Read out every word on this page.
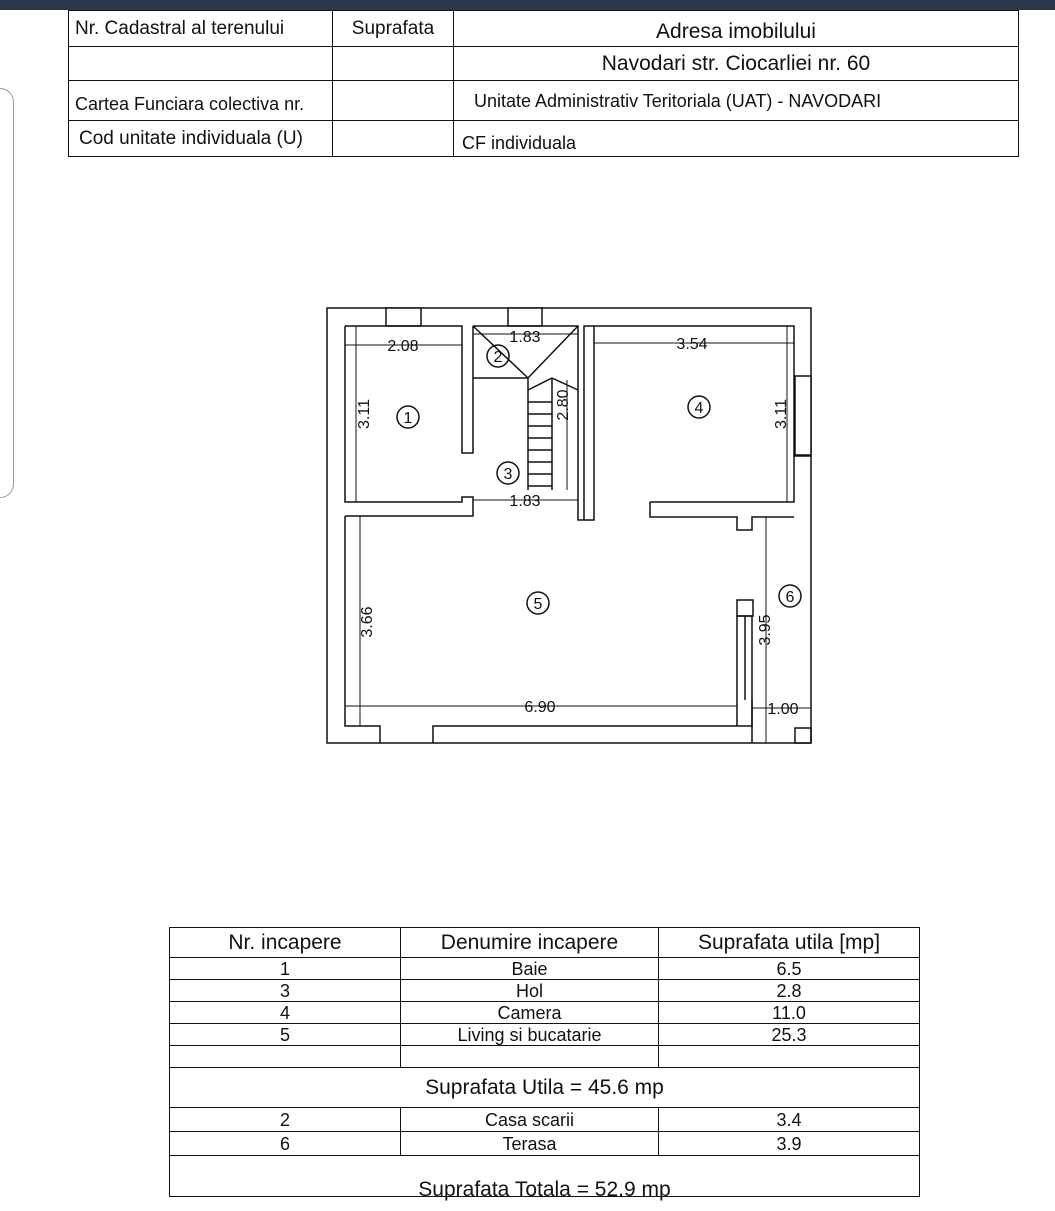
Nr. Cadastral al terenului	Suprafata	Adresa imobilului
		Navodari str. Ciocarliei nr. 60
Cartea Funciara colectiva nr.		Unitate Administrativ Teritoriala (UAT) - NAVODARI
Cod unitate individuala (U)		CF individuala
1
2
3
4
5	6
2.08
1.83	3.54
1.83
6.90	1.00
3.11	2.80	3.11
3.66	3.95
Nr. incapere	Denumire incapere	Suprafata utila [mp]
1	Baie	6.5
3	Hol	2.8
4	Camera	11.0
5	Living si bucatarie	25.3

Suprafata Utila = 45.6 mp		
2	Casa scarii	3.4
6	Terasa	3.9
Suprafata Totala = 52.9 mp		
